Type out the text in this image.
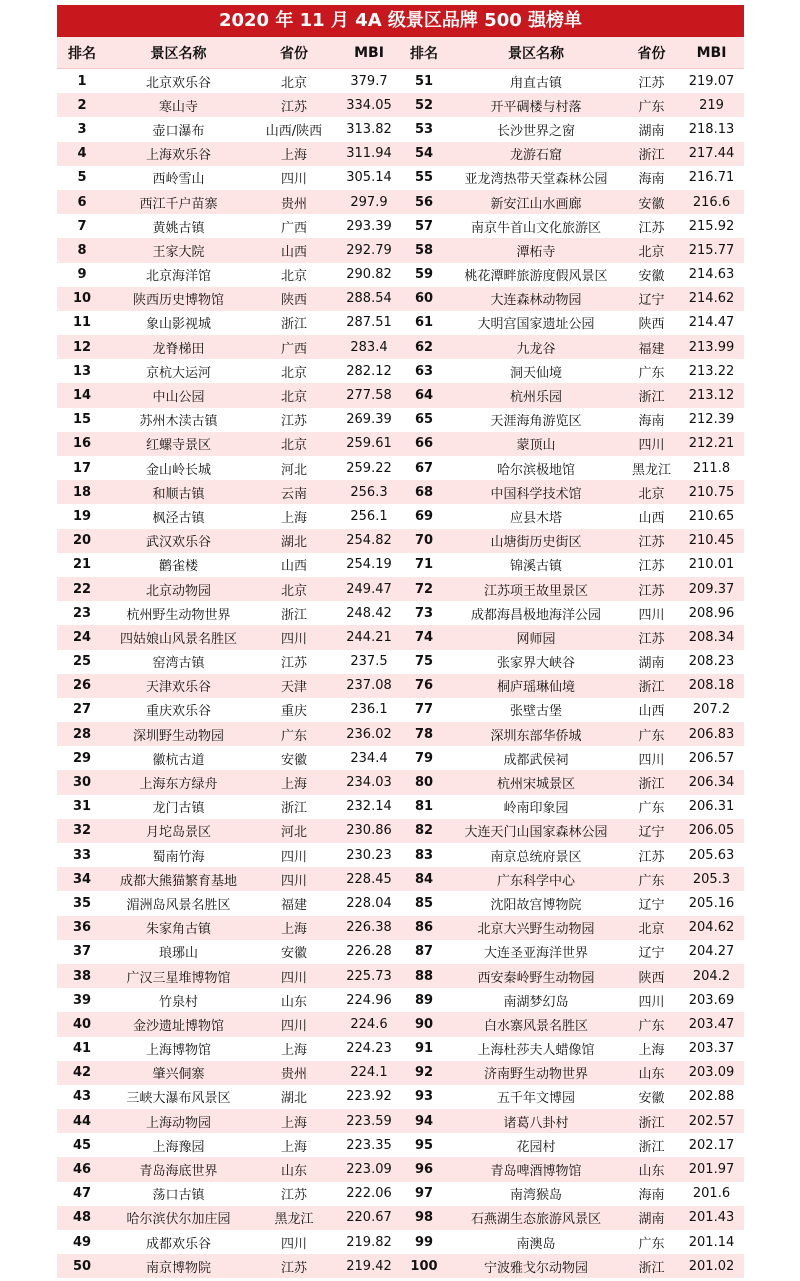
2020 年 11 月 4A 级景区品牌 500 强榜单
排名	景区名称	省份	MBI	排名	景区名称	省份	MBI
1	北京欢乐谷	北京	379.7	51	甪直古镇	江苏	219.07
2	寒山寺	江苏	334.05	52	开平碉楼与村落	广东	219
3	壶口瀑布	山西/陕西	313.82	53	长沙世界之窗	湖南	218.13
4	上海欢乐谷	上海	311.94	54	龙游石窟	浙江	217.44
5	西岭雪山	四川	305.14	55	亚龙湾热带天堂森林公园	海南	216.71
6	西江千户苗寨	贵州	297.9	56	新安江山水画廊	安徽	216.6
7	黄姚古镇	广西	293.39	57	南京牛首山文化旅游区	江苏	215.92
8	王家大院	山西	292.79	58	潭柘寺	北京	215.77
9	北京海洋馆	北京	290.82	59	桃花潭畔旅游度假风景区	安徽	214.63
10	陕西历史博物馆	陕西	288.54	60	大连森林动物园	辽宁	214.62
11	象山影视城	浙江	287.51	61	大明宫国家遗址公园	陕西	214.47
12	龙脊梯田	广西	283.4	62	九龙谷	福建	213.99
13	京杭大运河	北京	282.12	63	洞天仙境	广东	213.22
14	中山公园	北京	277.58	64	杭州乐园	浙江	213.12
15	苏州木渎古镇	江苏	269.39	65	天涯海角游览区	海南	212.39
16	红螺寺景区	北京	259.61	66	蒙顶山	四川	212.21
17	金山岭长城	河北	259.22	67	哈尔滨极地馆	黑龙江	211.8
18	和顺古镇	云南	256.3	68	中国科学技术馆	北京	210.75
19	枫泾古镇	上海	256.1	69	应县木塔	山西	210.65
20	武汉欢乐谷	湖北	254.82	70	山塘街历史街区	江苏	210.45
21	鹳雀楼	山西	254.19	71	锦溪古镇	江苏	210.01
22	北京动物园	北京	249.47	72	江苏项王故里景区	江苏	209.37
23	杭州野生动物世界	浙江	248.42	73	成都海昌极地海洋公园	四川	208.96
24	四姑娘山风景名胜区	四川	244.21	74	网师园	江苏	208.34
25	窑湾古镇	江苏	237.5	75	张家界大峡谷	湖南	208.23
26	天津欢乐谷	天津	237.08	76	桐庐瑶琳仙境	浙江	208.18
27	重庆欢乐谷	重庆	236.1	77	张壁古堡	山西	207.2
28	深圳野生动物园	广东	236.02	78	深圳东部华侨城	广东	206.83
29	徽杭古道	安徽	234.4	79	成都武侯祠	四川	206.57
30	上海东方绿舟	上海	234.03	80	杭州宋城景区	浙江	206.34
31	龙门古镇	浙江	232.14	81	岭南印象园	广东	206.31
32	月坨岛景区	河北	230.86	82	大连天门山国家森林公园	辽宁	206.05
33	蜀南竹海	四川	230.23	83	南京总统府景区	江苏	205.63
34	成都大熊猫繁育基地	四川	228.45	84	广东科学中心	广东	205.3
35	湄洲岛风景名胜区	福建	228.04	85	沈阳故宫博物院	辽宁	205.16
36	朱家角古镇	上海	226.38	86	北京大兴野生动物园	北京	204.62
37	琅琊山	安徽	226.28	87	大连圣亚海洋世界	辽宁	204.27
38	广汉三星堆博物馆	四川	225.73	88	西安秦岭野生动物园	陕西	204.2
39	竹泉村	山东	224.96	89	南湖梦幻岛	四川	203.69
40	金沙遗址博物馆	四川	224.6	90	白水寨风景名胜区	广东	203.47
41	上海博物馆	上海	224.23	91	上海杜莎夫人蜡像馆	上海	203.37
42	肇兴侗寨	贵州	224.1	92	济南野生动物世界	山东	203.09
43	三峡大瀑布风景区	湖北	223.92	93	五千年文博园	安徽	202.88
44	上海动物园	上海	223.59	94	诸葛八卦村	浙江	202.57
45	上海豫园	上海	223.35	95	花园村	浙江	202.17
46	青岛海底世界	山东	223.09	96	青岛啤酒博物馆	山东	201.97
47	荡口古镇	江苏	222.06	97	南湾猴岛	海南	201.6
48	哈尔滨伏尔加庄园	黑龙江	220.67	98	石燕湖生态旅游风景区	湖南	201.43
49	成都欢乐谷	四川	219.82	99	南澳岛	广东	201.14
50	南京博物院	江苏	219.42	100	宁波雅戈尔动物园	浙江	201.02
